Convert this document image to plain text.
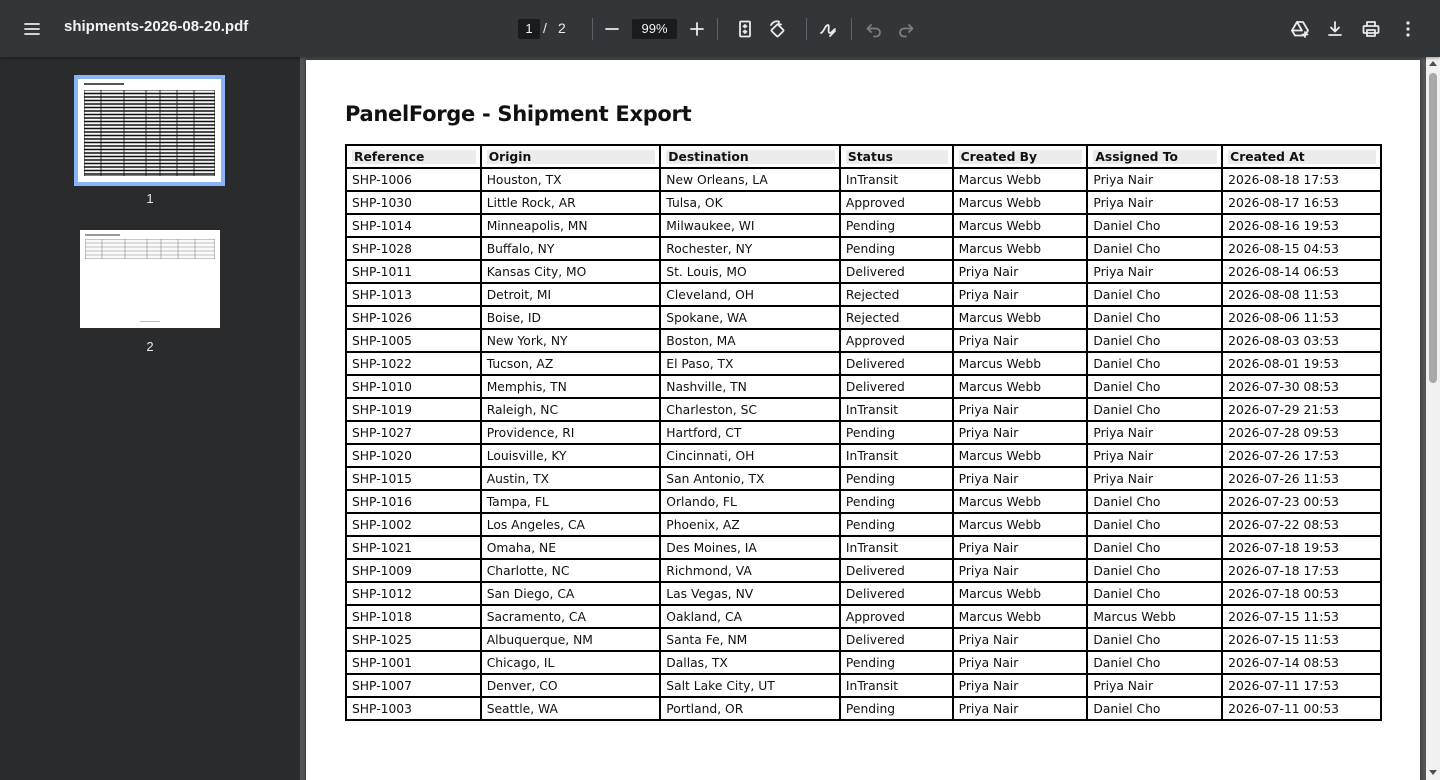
shipments-2026-08-20.pdf	1 / 2	99%
1
2
PanelForge - Shipment Export
Reference	Origin	Destination	Status	Created By	Assigned To	Created At

SHP-1006	Houston, TX	New Orleans, LA	InTransit	Marcus Webb	Priya Nair	2026-08-18 17:53
SHP-1030	Little Rock, AR	Tulsa, OK	Approved	Marcus Webb	Priya Nair	2026-08-17 16:53
SHP-1014	Minneapolis, MN	Milwaukee, WI	Pending	Marcus Webb	Daniel Cho	2026-08-16 19:53
SHP-1028	Buffalo, NY	Rochester, NY	Pending	Marcus Webb	Daniel Cho	2026-08-15 04:53
SHP-1011	Kansas City, MO	St. Louis, MO	Delivered	Priya Nair	Priya Nair	2026-08-14 06:53
SHP-1013	Detroit, MI	Cleveland, OH	Rejected	Priya Nair	Daniel Cho	2026-08-08 11:53
SHP-1026	Boise, ID	Spokane, WA	Rejected	Marcus Webb	Daniel Cho	2026-08-06 11:53
SHP-1005	New York, NY	Boston, MA	Approved	Priya Nair	Daniel Cho	2026-08-03 03:53
SHP-1022	Tucson, AZ	El Paso, TX	Delivered	Marcus Webb	Daniel Cho	2026-08-01 19:53
SHP-1010	Memphis, TN	Nashville, TN	Delivered	Marcus Webb	Daniel Cho	2026-07-30 08:53
SHP-1019	Raleigh, NC	Charleston, SC	InTransit	Priya Nair	Daniel Cho	2026-07-29 21:53
SHP-1027	Providence, RI	Hartford, CT	Pending	Priya Nair	Priya Nair	2026-07-28 09:53
SHP-1020	Louisville, KY	Cincinnati, OH	InTransit	Marcus Webb	Priya Nair	2026-07-26 17:53
SHP-1015	Austin, TX	San Antonio, TX	Pending	Priya Nair	Priya Nair	2026-07-26 11:53
SHP-1016	Tampa, FL	Orlando, FL	Pending	Marcus Webb	Daniel Cho	2026-07-23 00:53
SHP-1002	Los Angeles, CA	Phoenix, AZ	Pending	Marcus Webb	Daniel Cho	2026-07-22 08:53
SHP-1021	Omaha, NE	Des Moines, IA	InTransit	Priya Nair	Daniel Cho	2026-07-18 19:53
SHP-1009	Charlotte, NC	Richmond, VA	Delivered	Priya Nair	Daniel Cho	2026-07-18 17:53
SHP-1012	San Diego, CA	Las Vegas, NV	Delivered	Marcus Webb	Daniel Cho	2026-07-18 00:53
SHP-1018	Sacramento, CA	Oakland, CA	Approved	Marcus Webb	Marcus Webb	2026-07-15 11:53
SHP-1025	Albuquerque, NM	Santa Fe, NM	Delivered	Priya Nair	Daniel Cho	2026-07-15 11:53
SHP-1001	Chicago, IL	Dallas, TX	Pending	Priya Nair	Daniel Cho	2026-07-14 08:53
SHP-1007	Denver, CO	Salt Lake City, UT	InTransit	Priya Nair	Priya Nair	2026-07-11 17:53
SHP-1003	Seattle, WA	Portland, OR	Pending	Priya Nair	Daniel Cho	2026-07-11 00:53
